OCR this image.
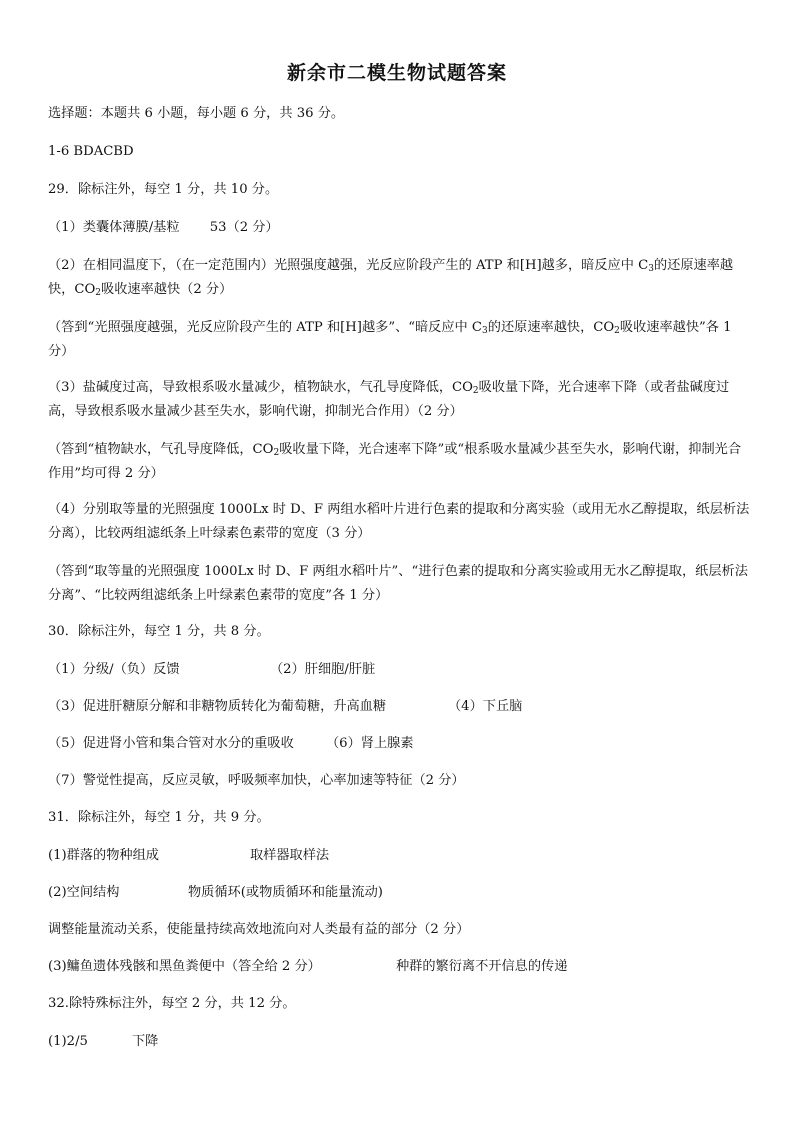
新余市二模生物试题答案
选择题：本题共 6 小题，每小题 6 分，共 36 分。
1-6 BDACBD
29．除标注外，每空 1 分，共 10 分。
（1）类囊体薄膜/基粒 53（2 分）
（2）在相同温度下，（在一定范围内）光照强度越强，光反应阶段产生的 ATP 和[H]越多，暗反应中 $C_3$的还原速率越快，$CO_2$吸收速率越快（2 分）
（答到“光照强度越强，光反应阶段产生的 ATP 和[H]越多”、“暗反应中 $C_3$的还原速率越快，$CO_2$吸收速率越快”各 1 分）
（3）盐碱度过高，导致根系吸水量减少，植物缺水，气孔导度降低，$CO_2$吸收量下降，光合速率下降（或者盐碱度过高，导致根系吸水量减少甚至失水，影响代谢，抑制光合作用）（2 分）
（答到“植物缺水，气孔导度降低，$CO_2$吸收量下降，光合速率下降”或“根系吸水量减少甚至失水，影响代谢，抑制光合作用”均可得 2 分）
（4）分别取等量的光照强度 1000Lx 时 D、F 两组水稻叶片进行色素的提取和分离实验（或用无水乙醇提取，纸层析法分离），比较两组滤纸条上叶绿素色素带的宽度（3 分）
（答到“取等量的光照强度 1000Lx 时 D、F 两组水稻叶片”、“进行色素的提取和分离实验或用无水乙醇提取，纸层析法分离”、“比较两组滤纸条上叶绿素色素带的宽度”各 1 分）
30．除标注外，每空 1 分，共 8 分。
（1）分级/（负）反馈	（2）肝细胞/肝脏
（3）促进肝糖原分解和非糖物质转化为葡萄糖，升高血糖	（4）下丘脑
（5）促进肾小管和集合管对水分的重吸收 （6）肾上腺素
（7）警觉性提高，反应灵敏，呼吸频率加快，心率加速等特征（2 分）
31．除标注外，每空 1 分，共 9 分。
(1)群落的物种组成	取样器取样法
(2)空间结构	物质循环(或物质循环和能量流动)
调整能量流动关系，使能量持续高效地流向对人类最有益的部分（2 分）
(3)鳙鱼遗体残骸和黑鱼粪便中（答全给 2 分）	种群的繁衍离不开信息的传递
32.除特殊标注外，每空 2 分，共 12 分。
(1)2/5	下降
